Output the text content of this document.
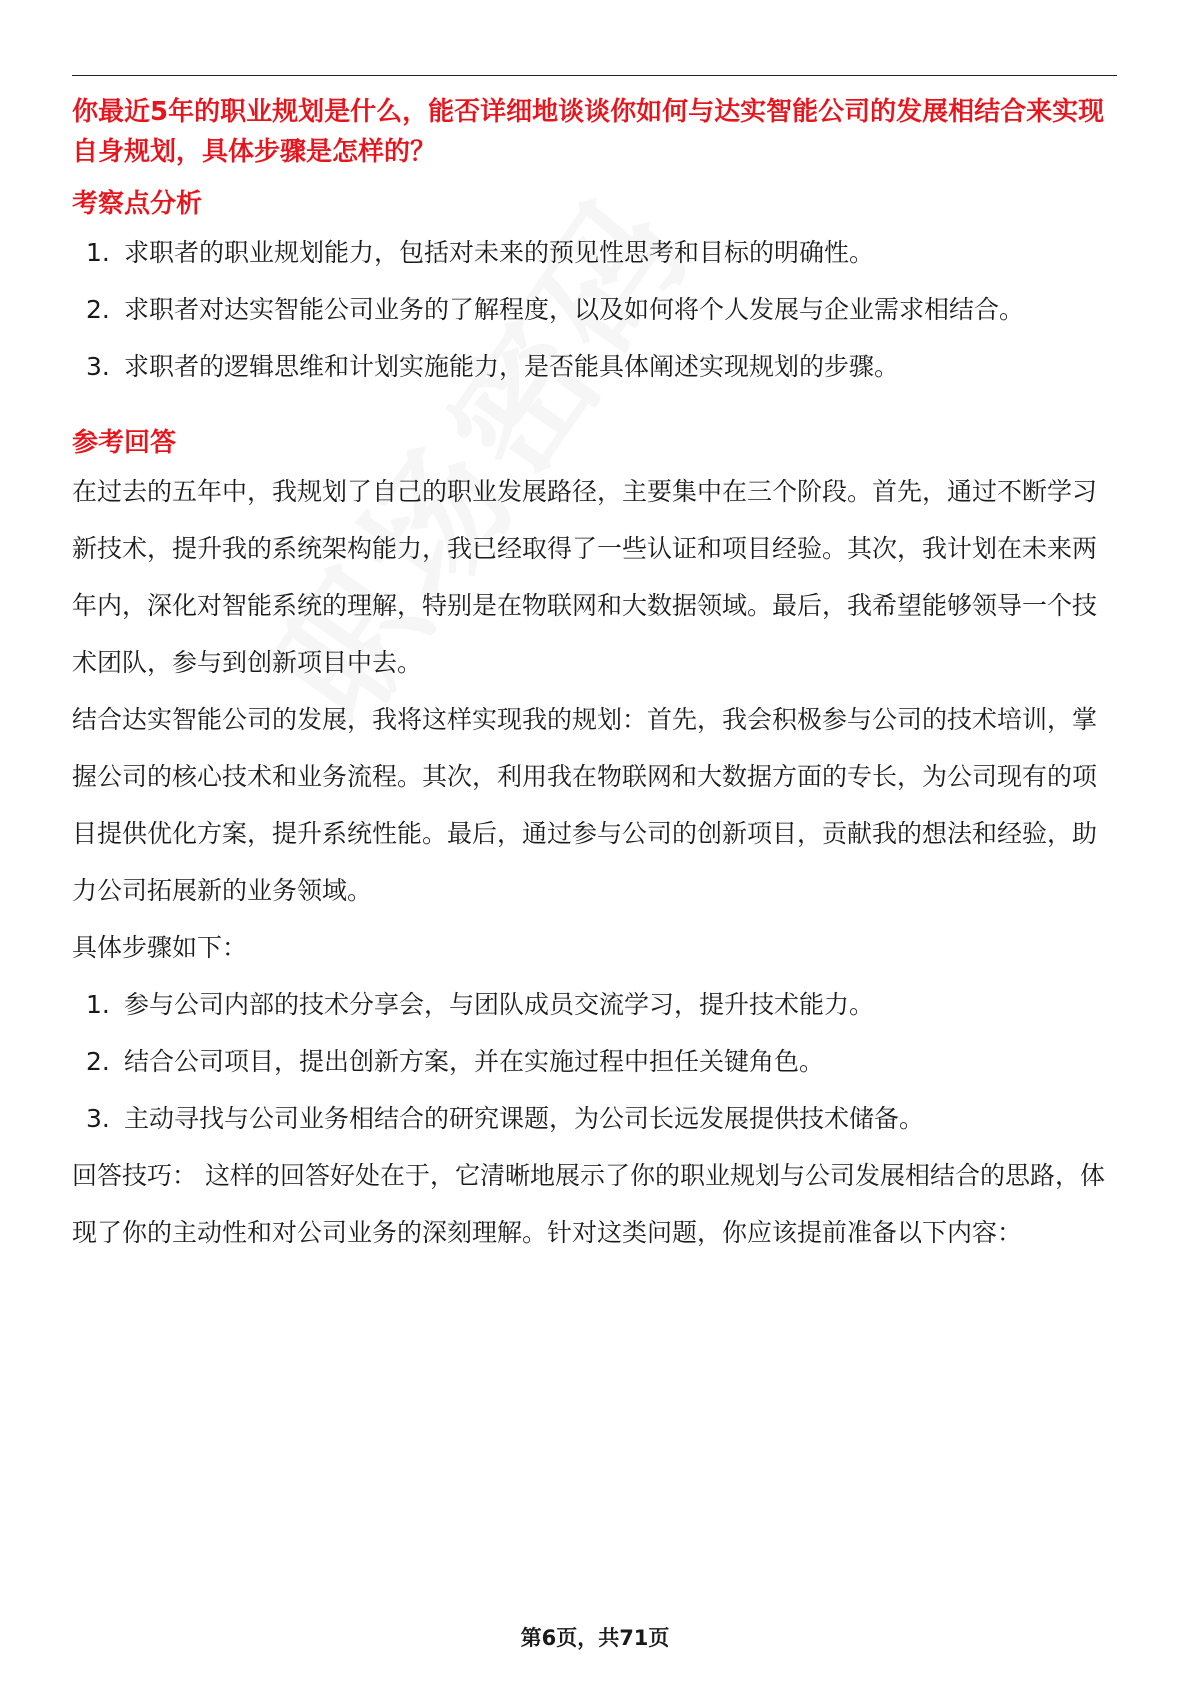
你最近5年的职业规划是什么，能否详细地谈谈你如何与达实智能公司的发展相结合来实现自身规划，具体步骤是怎样的？

考察点分析

1. 求职者的职业规划能力，包括对未来的预见性思考和目标的明确性。
2. 求职者对达实智能公司业务的了解程度，以及如何将个人发展与企业需求相结合。
3. 求职者的逻辑思维和计划实施能力，是否能具体阐述实现规划的步骤。

参考回答

在过去的五年中，我规划了自己的职业发展路径，主要集中在三个阶段。首先，通过不断学习新技术，提升我的系统架构能力，我已经取得了一些认证和项目经验。其次，我计划在未来两年内，深化对智能系统的理解，特别是在物联网和大数据领域。最后，我希望能够领导一个技术团队，参与到创新项目中去。

结合达实智能公司的发展，我将这样实现我的规划：首先，我会积极参与公司的技术培训，掌握公司的核心技术和业务流程。其次，利用我在物联网和大数据方面的专长，为公司现有的项目提供优化方案，提升系统性能。最后，通过参与公司的创新项目，贡献我的想法和经验，助力公司拓展新的业务领域。

具体步骤如下：

1. 参与公司内部的技术分享会，与团队成员交流学习，提升技术能力。
2. 结合公司项目，提出创新方案，并在实施过程中担任关键角色。
3. 主动寻找与公司业务相结合的研究课题，为公司长远发展提供技术储备。

回答技巧： 这样的回答好处在于，它清晰地展示了你的职业规划与公司发展相结合的思路，体现了你的主动性和对公司业务的深刻理解。针对这类问题，你应该提前准备以下内容：

第6页，共71页
